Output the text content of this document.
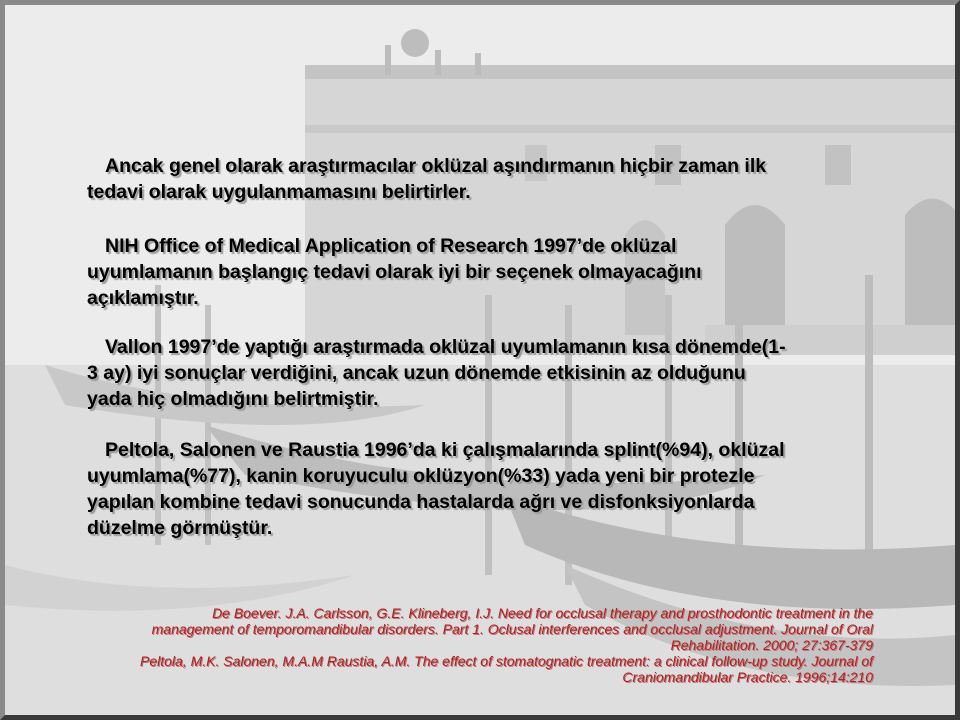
Ancak genel olarak araştırmacılar oklüzal aşındırmanın hiçbir zaman ilk tedavi olarak uygulanmamasını belirtirler.

NIH Office of Medical Application of Research 1997’de oklüzal uyumlamanın başlangıç tedavi olarak iyi bir seçenek olmayacağını açıklamıştır.

Vallon 1997’de yaptığı araştırmada oklüzal uyumlamanın kısa dönemde(1-3 ay) iyi sonuçlar verdiğini, ancak uzun dönemde etkisinin az olduğunu yada hiç olmadığını belirtmiştir.

Peltola, Salonen ve Raustia 1996’da ki çalışmalarında splint(%94), oklüzal uyumlama(%77), kanin koruyuculu oklüzyon(%33) yada yeni bir protezle yapılan kombine tedavi sonucunda hastalarda ağrı ve disfonksiyonlarda düzelme görmüştür.

De Boever. J.A. Carlsson, G.E. Klineberg, I.J. Need for occlusal therapy and prosthodontic treatment in the management of temporomandibular disorders. Part 1. Oclusal interferences and occlusal adjustment. Journal of Oral Rehabilitation. 2000; 27:367-379

Peltola, M.K. Salonen, M.A.M Raustia, A.M. The effect of stomatognatic treatment: a clinical follow-up study. Journal of Craniomandibular Practice. 1996;14:210
